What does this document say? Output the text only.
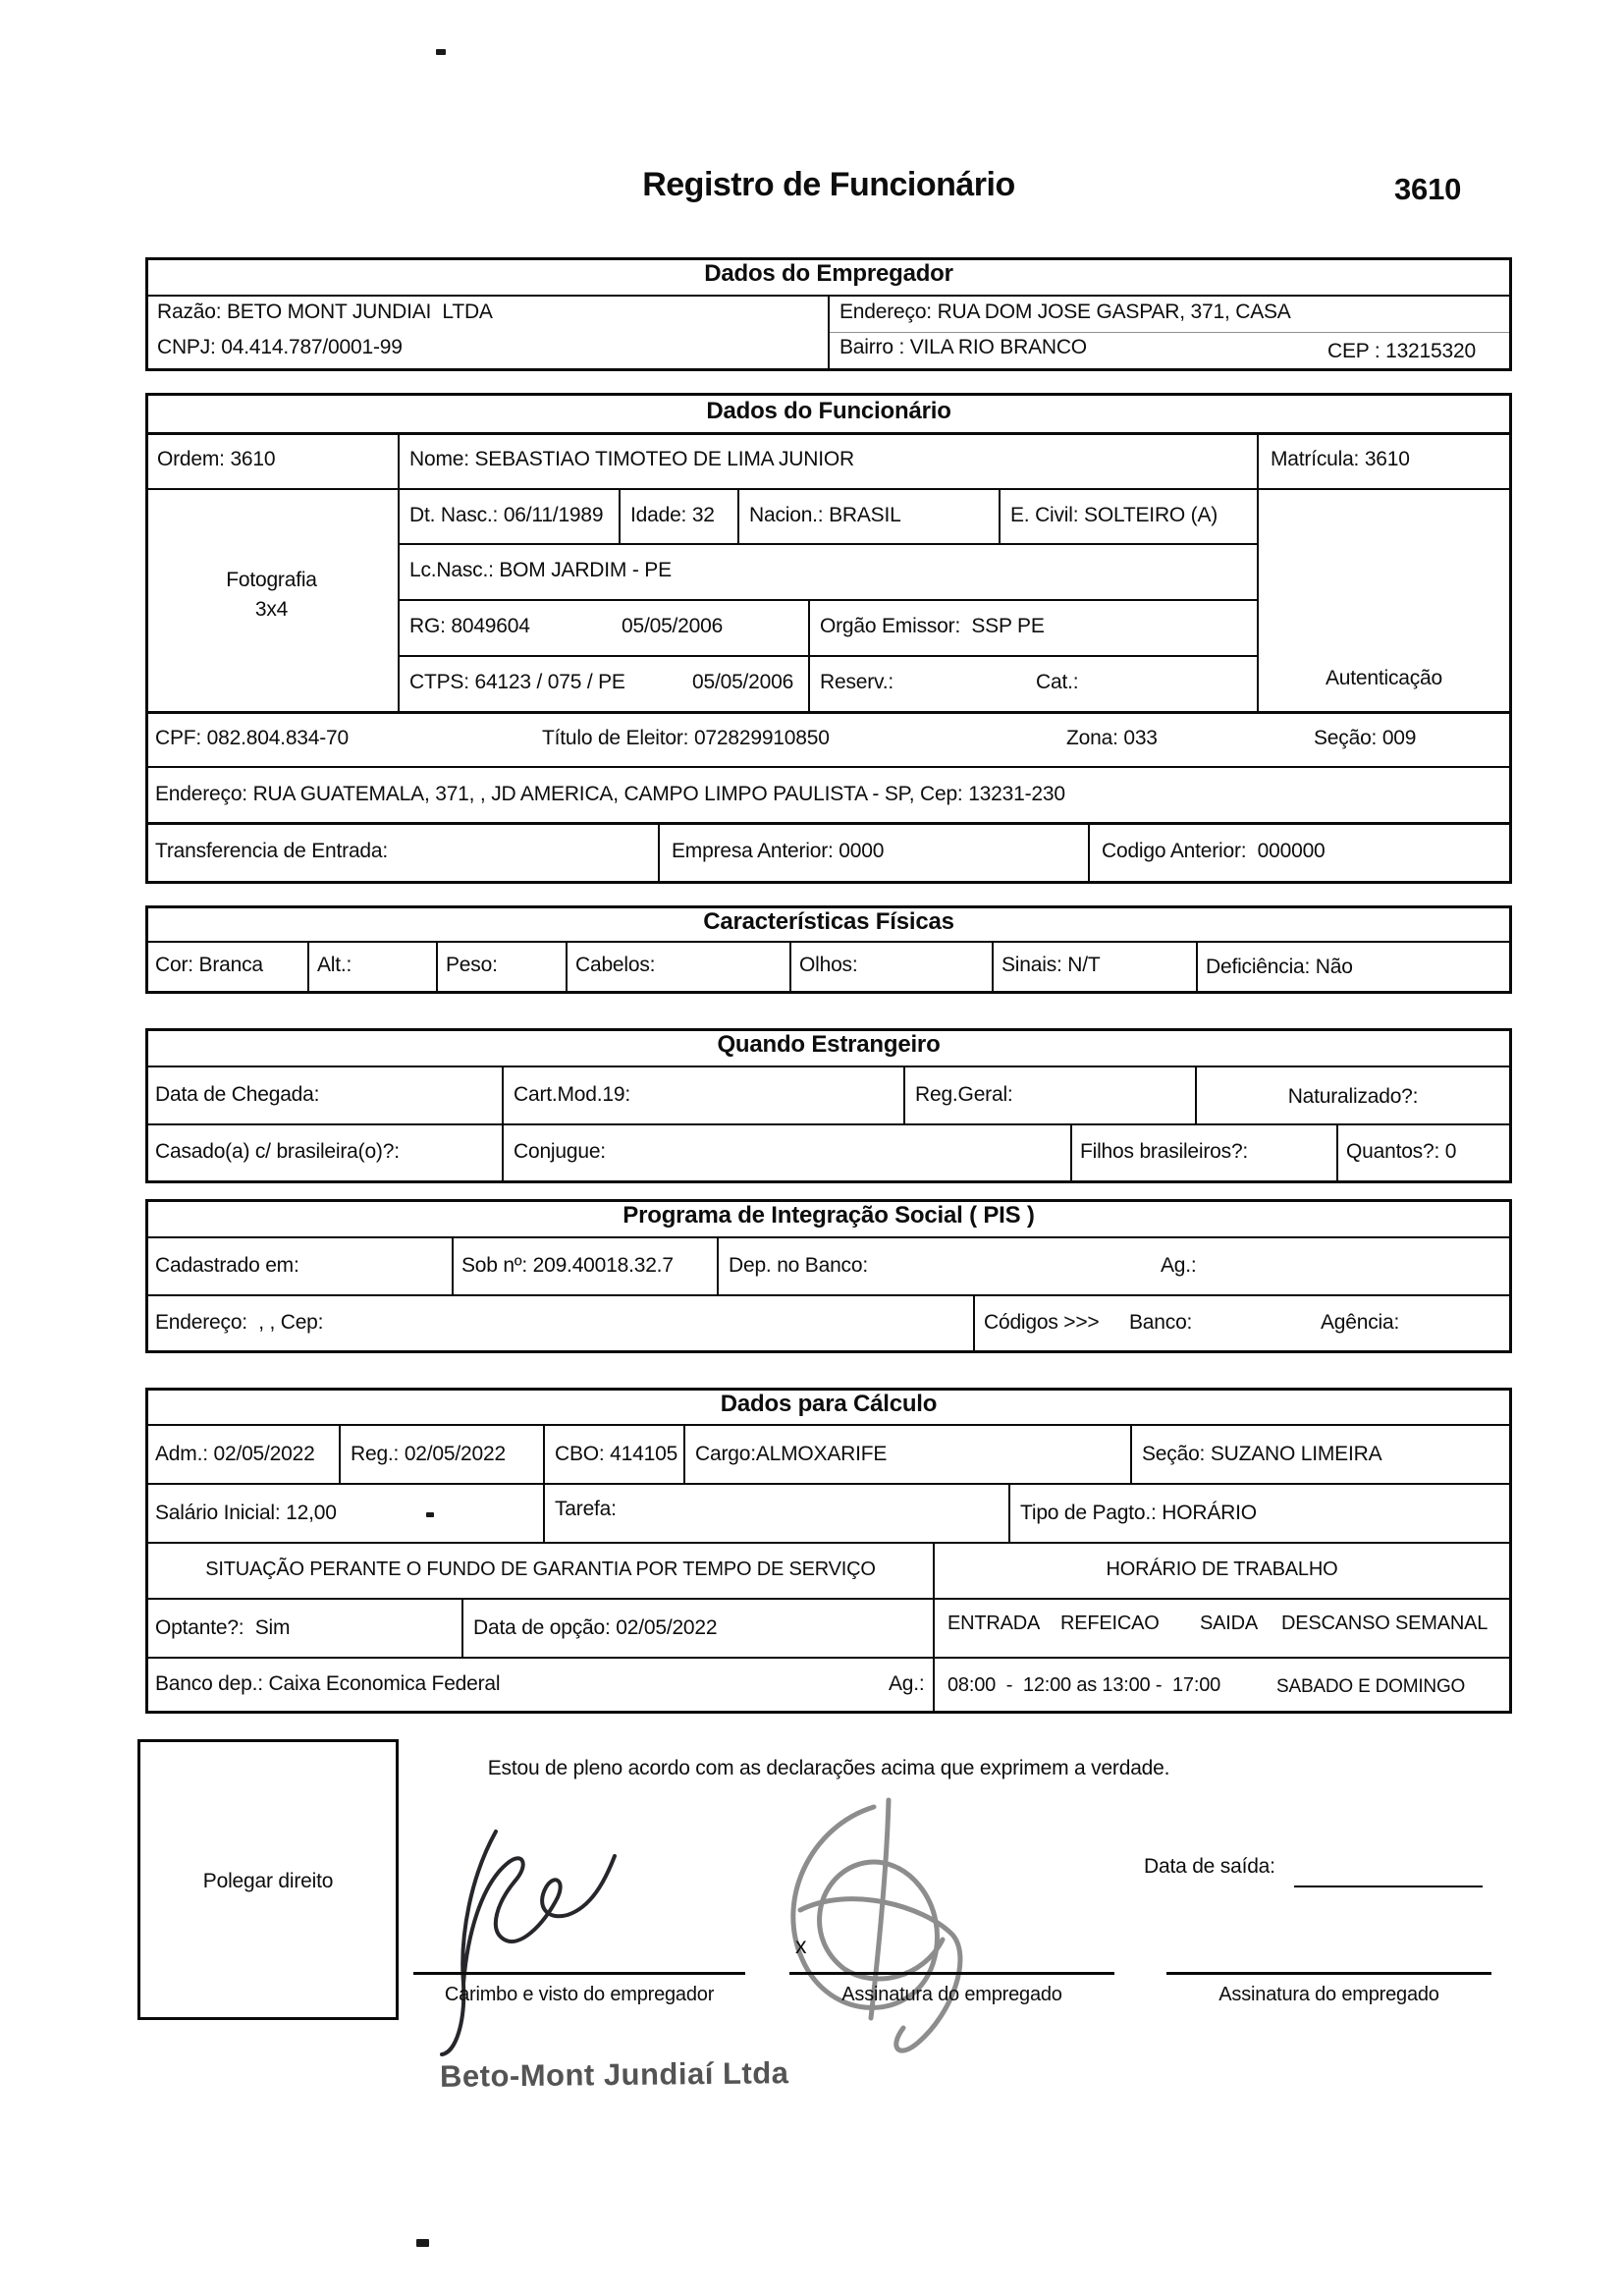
Registro de Funcionário	3610
Dados do Empregador
Razão: BETO MONT JUNDIAI  LTDA
CNPJ: 04.414.787/0001-99
Endereço: RUA DOM JOSE GASPAR, 371, CASA
Bairro : VILA RIO BRANCO	CEP : 13215320
Dados do Funcionário
Ordem: 3610	Nome: SEBASTIAO TIMOTEO DE LIMA JUNIOR	Matrícula: 3610
Fotografia
3x4
Dt. Nasc.: 06/11/1989 Idade: 32 Nacion.: BRASIL	E. Civil: SOLTEIRO (A)
Lc.Nasc.: BOM JARDIM - PE
RG: 8049604	05/05/2006	Orgão Emissor:  SSP PE
CTPS: 64123 / 075 / PE	05/05/2006 Reserv.:	Cat.:	Autenticação
CPF: 082.804.834-70	Título de Eleitor: 072829910850	Zona: 033	Seção: 009
Endereço: RUA GUATEMALA, 371, , JD AMERICA, CAMPO LIMPO PAULISTA - SP, Cep: 13231-230
Transferencia de Entrada:	Empresa Anterior: 0000	Codigo Anterior:  000000
Características Físicas
Cor: Branca	Alt.:	Peso:	Cabelos:	Olhos:	Sinais: N/T	Deficiência: Não
Quando Estrangeiro
Data de Chegada:	Cart.Mod.19:	Reg.Geral:	Naturalizado?:
Casado(a) c/ brasileira(o)?:	Conjugue:	Filhos brasileiros?:	Quantos?: 0
Programa de Integração Social ( PIS )
Cadastrado em:	Sob nº: 209.40018.32.7	Dep. no Banco:	Ag.:
Endereço:  , , Cep:	Códigos >>> Banco:	Agência:
Dados para Cálculo
Adm.: 02/05/2022 Reg.: 02/05/2022 CBO: 414105 Cargo:ALMOXARIFE	Seção: SUZANO LIMEIRA
Salário Inicial: 12,00	Tarefa:	Tipo de Pagto.: HORÁRIO
SITUAÇÃO PERANTE O FUNDO DE GARANTIA POR TEMPO DE SERVIÇO	HORÁRIO DE TRABALHO
Optante?:  Sim	Data de opção: 02/05/2022	ENTRADA REFEICAO SAIDA DESCANSO SEMANAL
Banco dep.: Caixa Economica Federal	Ag.: 08:00  -  12:00 as 13:00 -  17:00	SABADO E DOMINGO
Polegar direito
Estou de pleno acordo com as declarações acima que exprimem a verdade.
Data de saída:
x
Carimbo e visto do empregador	Assinatura do empregado	Assinatura do empregado
Beto-Mont Jundiaí Ltda
